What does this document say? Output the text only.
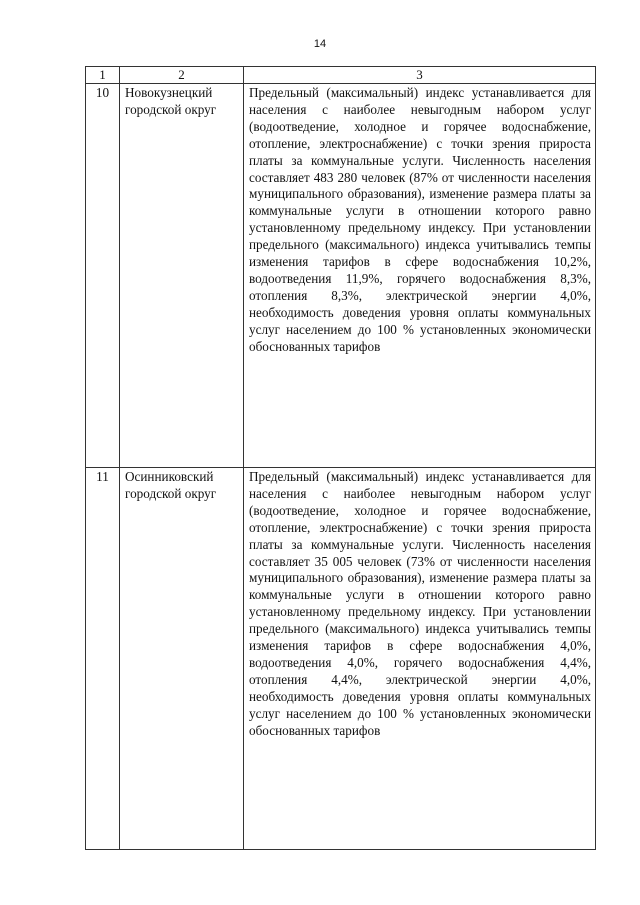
14
1	2	3
10	Новокузнецкий городской округ	Предельный (максимальный) индекс устанавливается для населения с наиболее невыгодным набором услуг (водоотведение, холодное и горячее водоснабжение, отопление, электроснабжение) с точки зрения прироста платы за коммунальные услуги. Численность населения составляет 483 280 человек (87% от численности населения муниципального образования), изменение размера платы за коммунальные услуги в отношении которого равно установленному предельному индексу. При установлении предельного (максимального) индекса учитывались темпы изменения тарифов в сфере водоснабжения 10,2%, водоотведения 11,9%, горячего водоснабжения 8,3%, отопления 8,3%, электрической энергии 4,0%, необходимость доведения уровня оплаты коммунальных услуг населением до 100 % установленных экономически обоснованных тарифов

11	Осинниковский городской округ	Предельный (максимальный) индекс устанавливается для населения с наиболее невыгодным набором услуг (водоотведение, холодное и горячее водоснабжение, отопление, электроснабжение) с точки зрения прироста платы за коммунальные услуги. Численность населения составляет 35 005 человек (73% от численности населения муниципального образования), изменение размера платы за коммунальные услуги в отношении которого равно установленному предельному индексу. При установлении предельного (максимального) индекса учитывались темпы изменения тарифов в сфере водоснабжения 4,0%, водоотведения 4,0%, горячего водоснабжения 4,4%, отопления 4,4%, электрической энергии 4,0%, необходимость доведения уровня оплаты коммунальных услуг населением до 100 % установленных экономически обоснованных тарифов
